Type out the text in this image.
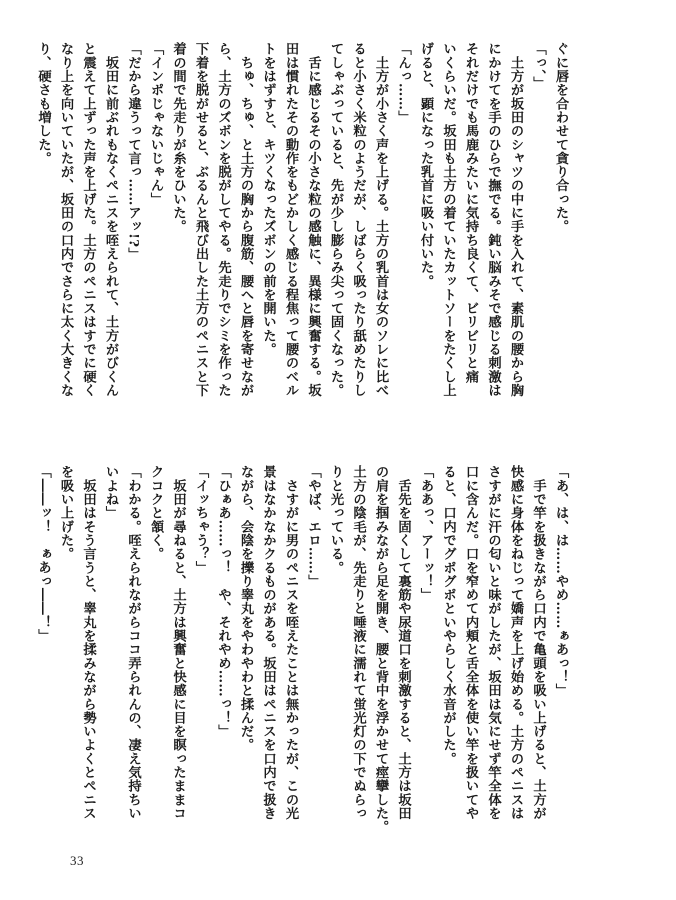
ぐに唇を合わせて貪り合った。
「っ、」
　土方が坂田のシャツの中に手を入れて、素肌の腰から胸
にかけてを手のひらで撫でる。鈍い脳みそで感じる刺激は
それだけでも馬鹿みたいに気持ち良くて、ビリビリと痛
いくらいだ。坂田も土方の着ていたカットソーをたくし上
げると、顕になった乳首に吸い付いた。
「んっ……」
　土方が小さく声を上げる。土方の乳首は女のソレに比べ
ると小さく米粒のようだが、しばらく吸ったり舐めたりし
てしゃぶっていると、先が少し膨らみ尖って固くなった。
　舌に感じるその小さな粒の感触に、異様に興奮する。坂
田は慣れたその動作をもどかしく感じる程焦って腰のベル
トをはずすと、キツくなったズボンの前を開いた。
　ちゅ、ちゅ、と土方の胸から腹筋、腰へと唇を寄せなが
ら、土方のズボンを脱がしてやる。先走りでシミを作った
下着を脱がせると、ぶるんと飛び出した土方のペニスと下
着の間で先走りが糸をひいた。
「インポじゃないじゃん」
「だから違うって言っ……アッ!?」
　坂田に前ぶれもなくペニスを咥えられて、土方がびくん
と震えて上ずった声を上げた。土方のペニスはすでに硬く
なり上を向いていたが、坂田の口内でさらに太く大きくな
り、硬さも増した。
「あ、は、は……やめ……ぁあっ！」
　手で竿を扱きながら口内で亀頭を吸い上げると、土方が
快感に身体をねじって嬌声を上げ始める。土方のペニスは
さすがに汗の匂いと味がしたが、坂田は気にせず竿全体を
口に含んだ。口を窄めて内頬と舌全体を使い竿を扱いてや
ると、口内でグポグポといやらしく水音がした。
「ああっ、アーッ！」
　舌先を固くして裏筋や尿道口を刺激すると、土方は坂田
の肩を掴みながら足を開き、腰と背中を浮かせて痙攣した。
土方の陰毛が、先走りと唾液に濡れて蛍光灯の下でぬらっ
りと光っている。
「やば、エロ……」
　さすがに男のペニスを咥えたことは無かったが、この光
景はなかなかクるものがある。坂田はペニスを口内で扱き
ながら、会陰を擽り睾丸をやわやわと揉んだ。
「ひぁあ……っ！　や、それやめ……っ！」
「イッちゃう？」
　坂田が尋ねると、土方は興奮と快感に目を瞑ったままコ
クコクと頷く。
「わかる。咥えられながらココ弄られんの、凄え気持ちい
いよね」
　坂田はそう言うと、睾丸を揉みながら勢いよくとペニス
を吸い上げた。
「――ッ！　ぁあっ――！」
33
